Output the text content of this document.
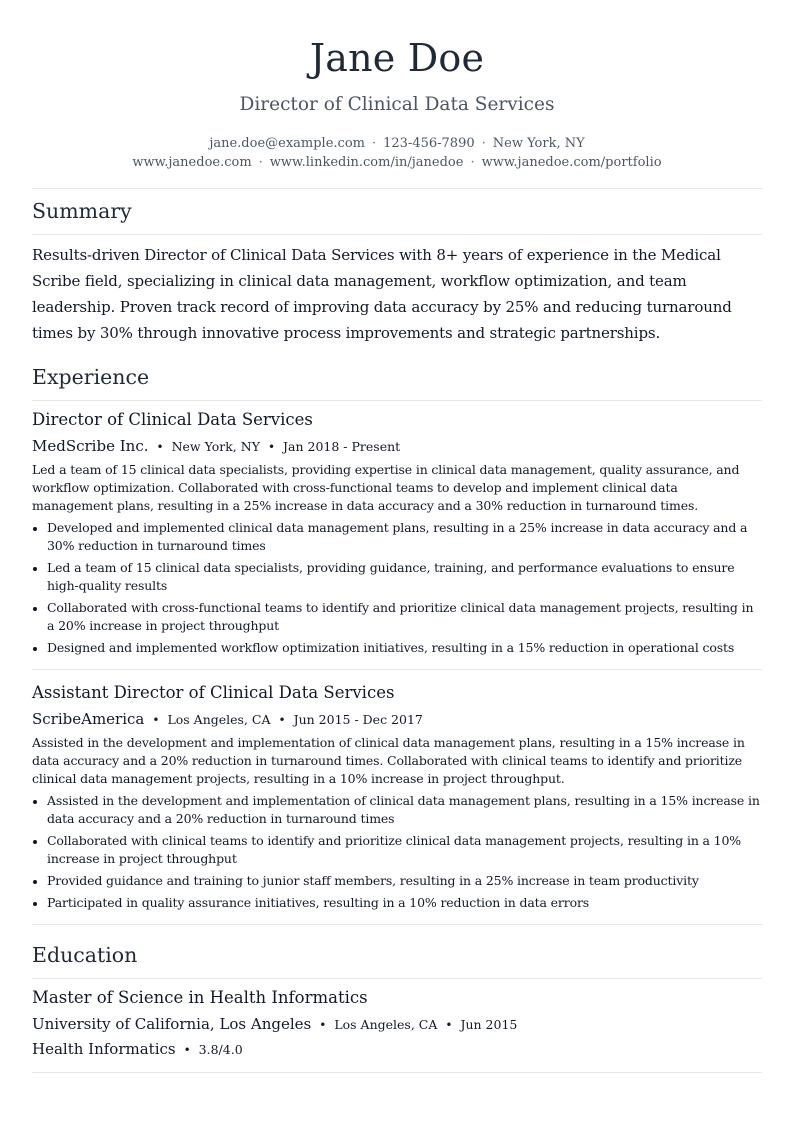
Jane Doe
Director of Clinical Data Services
jane.doe@example.com · 123-456-7890 · New York, NY
www.janedoe.com · www.linkedin.com/in/janedoe · www.janedoe.com/portfolio
Summary

Results-driven Director of Clinical Data Services with 8+ years of experience in the Medical Scribe field, specializing in clinical data management, workflow optimization, and team leadership. Proven track record of improving data accuracy by 25% and reducing turnaround times by 30% through innovative process improvements and strategic partnerships.

Experience
Director of Clinical Data Services
MedScribe Inc. • New York, NY • Jan 2018 - Present

Led a team of 15 clinical data specialists, providing expertise in clinical data management, quality assurance, and workflow optimization. Collaborated with cross-functional teams to develop and implement clinical data management plans, resulting in a 25% increase in data accuracy and a 30% reduction in turnaround times.

Developed and implemented clinical data management plans, resulting in a 25% increase in data accuracy and a 30% reduction in turnaround times
Led a team of 15 clinical data specialists, providing guidance, training, and performance evaluations to ensure high-quality results
Collaborated with cross-functional teams to identify and prioritize clinical data management projects, resulting in a 20% increase in project throughput
Designed and implemented workflow optimization initiatives, resulting in a 15% reduction in operational costs
Assistant Director of Clinical Data Services
ScribeAmerica • Los Angeles, CA • Jun 2015 - Dec 2017

Assisted in the development and implementation of clinical data management plans, resulting in a 15% increase in data accuracy and a 20% reduction in turnaround times. Collaborated with clinical teams to identify and prioritize clinical data management projects, resulting in a 10% increase in project throughput.

Assisted in the development and implementation of clinical data management plans, resulting in a 15% increase in data accuracy and a 20% reduction in turnaround times
Collaborated with clinical teams to identify and prioritize clinical data management projects, resulting in a 10% increase in project throughput
Provided guidance and training to junior staff members, resulting in a 25% increase in team productivity
Participated in quality assurance initiatives, resulting in a 10% reduction in data errors
Education
Master of Science in Health Informatics
University of California, Los Angeles • Los Angeles, CA • Jun 2015
Health Informatics • 3.8/4.0
